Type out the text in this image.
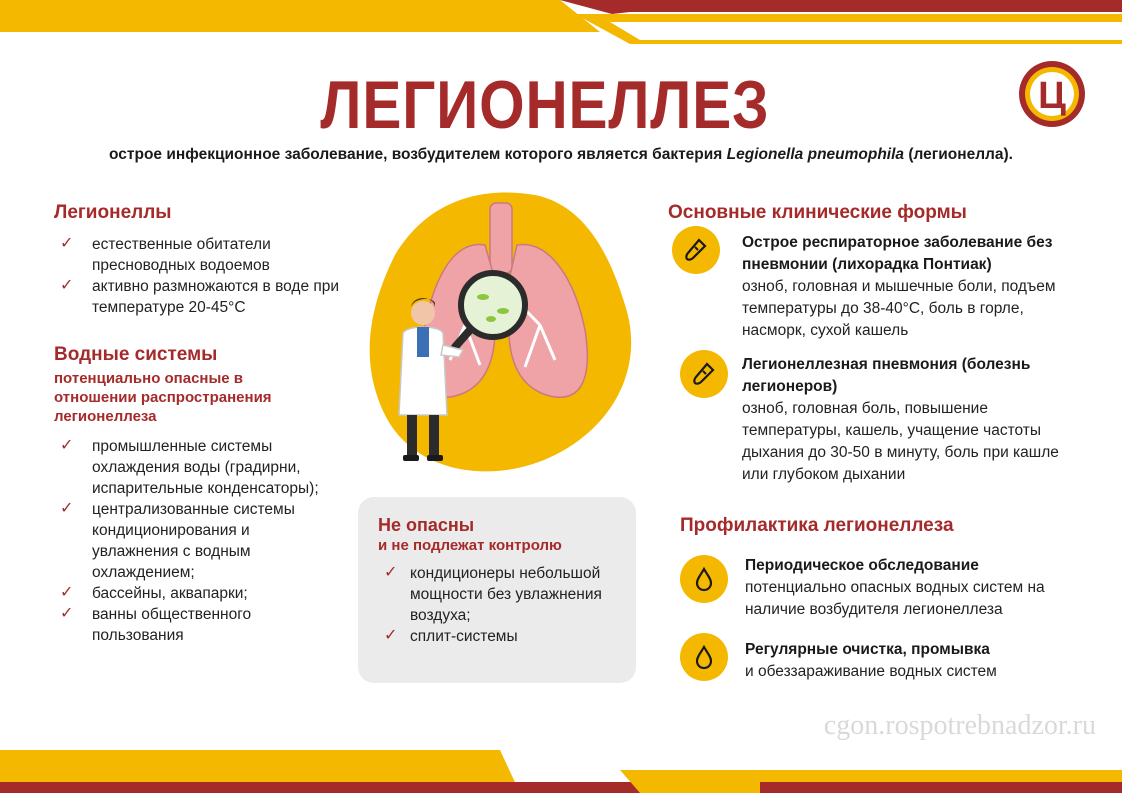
Ц
ЛЕГИОНЕЛЛЕЗ
острое инфекционное заболевание, возбудителем которого является бактерия Legionella pneumophila (легионелла).
Легионеллы
✓ естественные обитатели пресноводных водоемов
✓ активно размножаются в воде при температуре 20-45°С
Водные системы
потенциально опасные в отношении распространения легионеллеза
✓ промышленные системы охлаждения воды (градирни, испарительные конденсаторы);
✓ централизованные системы кондиционирования и увлажнения с водным охлаждением;
✓ бассейны, аквапарки;
✓ ванны общественного пользования
Не опасны
и не подлежат контролю
✓ кондиционеры небольшой мощности без увлажнения воздуха;
✓ сплит-системы
Основные клинические формы
Острое респираторное заболевание без пневмонии (лихорадка Понтиак)
озноб, головная и мышечные боли, подъем температуры до 38-40°С, боль в горле, насморк, сухой кашель
Легионеллезная пневмония (болезнь легионеров)
озноб, головная боль, повышение температуры, кашель, учащение частоты дыхания до 30-50 в минуту, боль при кашле или глубоком дыхании
Профилактика легионеллеза
Периодическое обследование
потенциально опасных водных систем на наличие возбудителя легионеллеза
Регулярные очистка, промывка
и обеззараживание водных систем
cgon.rospotrebnadzor.ru
